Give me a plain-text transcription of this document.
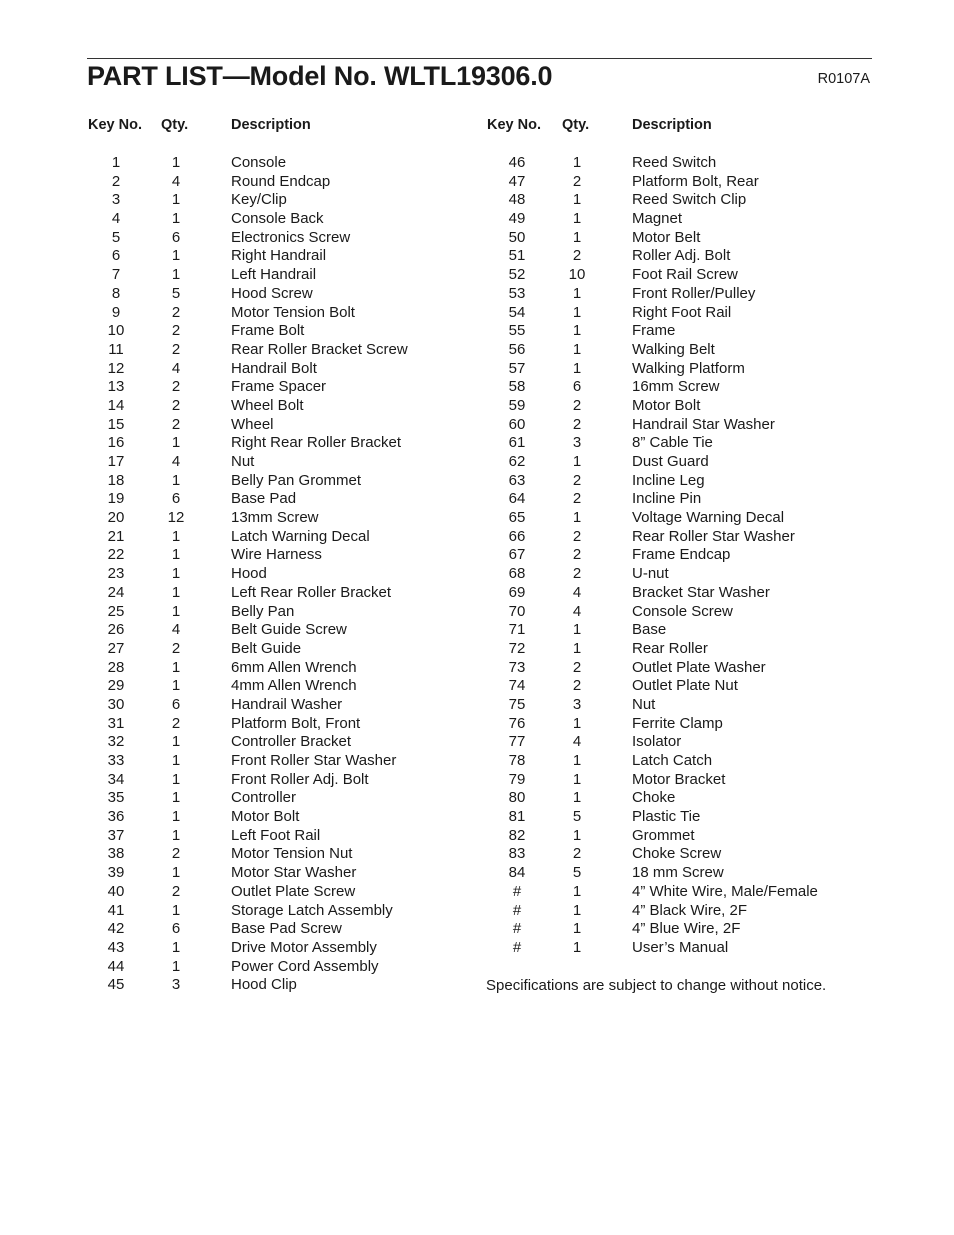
PART LIST—Model No. WLTL19306.0	R0107A
Key No. Qty.	Description	Key No. Qty.	Description
1	1	Console
2	4	Round Endcap
3	1	Key/Clip
4	1	Console Back
5	6	Electronics Screw
6	1	Right Handrail
7	1	Left Handrail
8	5	Hood Screw
9	2	Motor Tension Bolt
10	2	Frame Bolt
11	2	Rear Roller Bracket Screw
12	4	Handrail Bolt
13	2	Frame Spacer
14	2	Wheel Bolt
15	2	Wheel
16	1	Right Rear Roller Bracket
17	4	Nut
18	1	Belly Pan Grommet
19	6	Base Pad
20	12	13mm Screw
21	1	Latch Warning Decal
22	1	Wire Harness
23	1	Hood
24	1	Left Rear Roller Bracket
25	1	Belly Pan
26	4	Belt Guide Screw
27	2	Belt Guide
28	1	6mm Allen Wrench
29	1	4mm Allen Wrench
30	6	Handrail Washer
31	2	Platform Bolt, Front
32	1	Controller Bracket
33	1	Front Roller Star Washer
34	1	Front Roller Adj. Bolt
35	1	Controller
36	1	Motor Bolt
37	1	Left Foot Rail
38	2	Motor Tension Nut
39	1	Motor Star Washer
40	2	Outlet Plate Screw
41	1	Storage Latch Assembly
42	6	Base Pad Screw
43	1	Drive Motor Assembly
44	1	Power Cord Assembly
45	3	Hood Clip
46	1	Reed Switch
47	2	Platform Bolt, Rear
48	1	Reed Switch Clip
49	1	Magnet
50	1	Motor Belt
51	2	Roller Adj. Bolt
52	10	Foot Rail Screw
53	1	Front Roller/Pulley
54	1	Right Foot Rail
55	1	Frame
56	1	Walking Belt
57	1	Walking Platform
58	6	16mm Screw
59	2	Motor Bolt
60	2	Handrail Star Washer
61	3	8” Cable Tie
62	1	Dust Guard
63	2	Incline Leg
64	2	Incline Pin
65	1	Voltage Warning Decal
66	2	Rear Roller Star Washer
67	2	Frame Endcap
68	2	U-nut
69	4	Bracket Star Washer
70	4	Console Screw
71	1	Base
72	1	Rear Roller
73	2	Outlet Plate Washer
74	2	Outlet Plate Nut
75	3	Nut
76	1	Ferrite Clamp
77	4	Isolator
78	1	Latch Catch
79	1	Motor Bracket
80	1	Choke
81	5	Plastic Tie
82	1	Grommet
83	2	Choke Screw
84	5	18 mm Screw
#	1	4” White Wire, Male/Female
#	1	4” Black Wire, 2F
#	1	4” Blue Wire, 2F
#	1	User’s Manual
Specifications are subject to change without notice.
